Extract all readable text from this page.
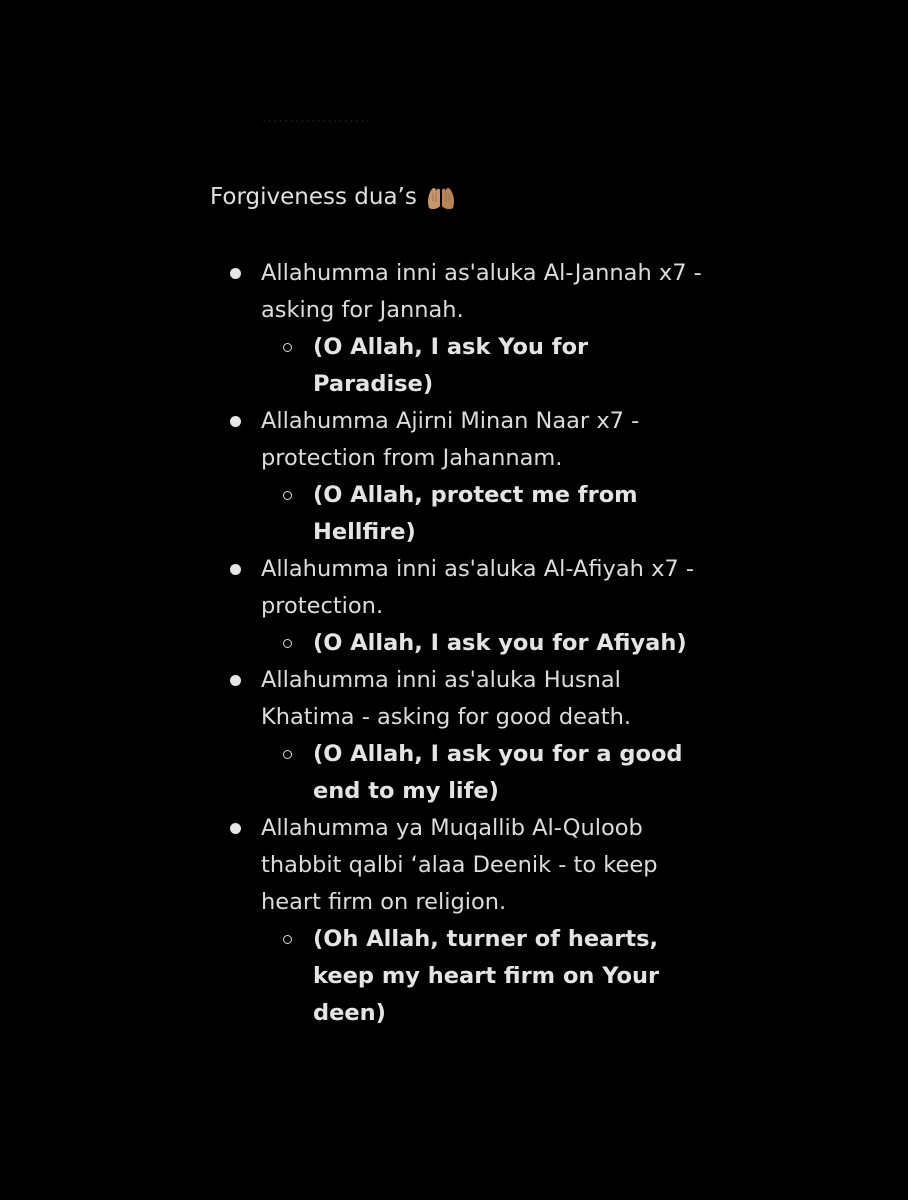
····················
Forgiveness dua’s
Allahumma inni as'aluka Al-Jannah x7 - asking for Jannah.
(O Allah, I ask You for Paradise)
Allahumma Ajirni Minan Naar x7 - protection from Jahannam.
(O Allah, protect me from Hellfire)
Allahumma inni as'aluka Al-Afiyah x7 - protection.
(O Allah, I ask you for Afiyah)
Allahumma inni as'aluka Husnal Khatima - asking for good death.
(O Allah, I ask you for a good end to my life)
Allahumma ya Muqallib Al-Quloob thabbit qalbi ‘alaa Deenik - to keep heart firm on religion.
(Oh Allah, turner of hearts, keep my heart firm on Your deen)
